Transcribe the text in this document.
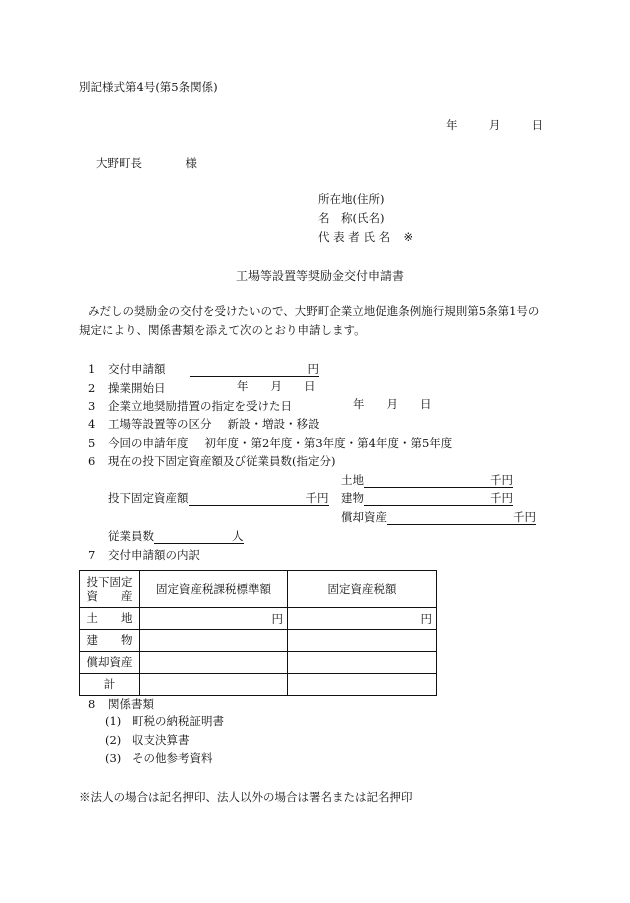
別記様式第4号(第5条関係)
年	月	日
大野町長	様
所在地(住所)
名　称(氏名)
代 表 者 氏 名 ※
工場等設置等奨励金交付申請書
みだしの奨励金の交付を受けたいので、大野町企業立地促進条例施行規則第5条第1号の
規定により、関係書類を添えて次のとおり申請します。
1 交付申請額	円
2 操業開始日	年 月 日
3 企業立地奨励措置の指定を受けた日	年 月 日
4 工場等設置等の区分 新設・増設・移設
5 今回の申請年度 初年度・第2年度・第3年度・第4年度・第5年度
6 現在の投下固定資産額及び従業員数(指定分)
土地	千円
投下固定資産額	千円 建物	千円
償却資産	千円
従業員数	人
7 交付申請額の内訳
投下固定資　　産	固定資産税課税標準額	固定資産税額
土　　地	円	円
建　　物		
償却資産		
計		
8 関係書類
(1) 町税の納税証明書
(2) 収支決算書
(3) その他参考資料
※法人の場合は記名押印、法人以外の場合は署名または記名押印
